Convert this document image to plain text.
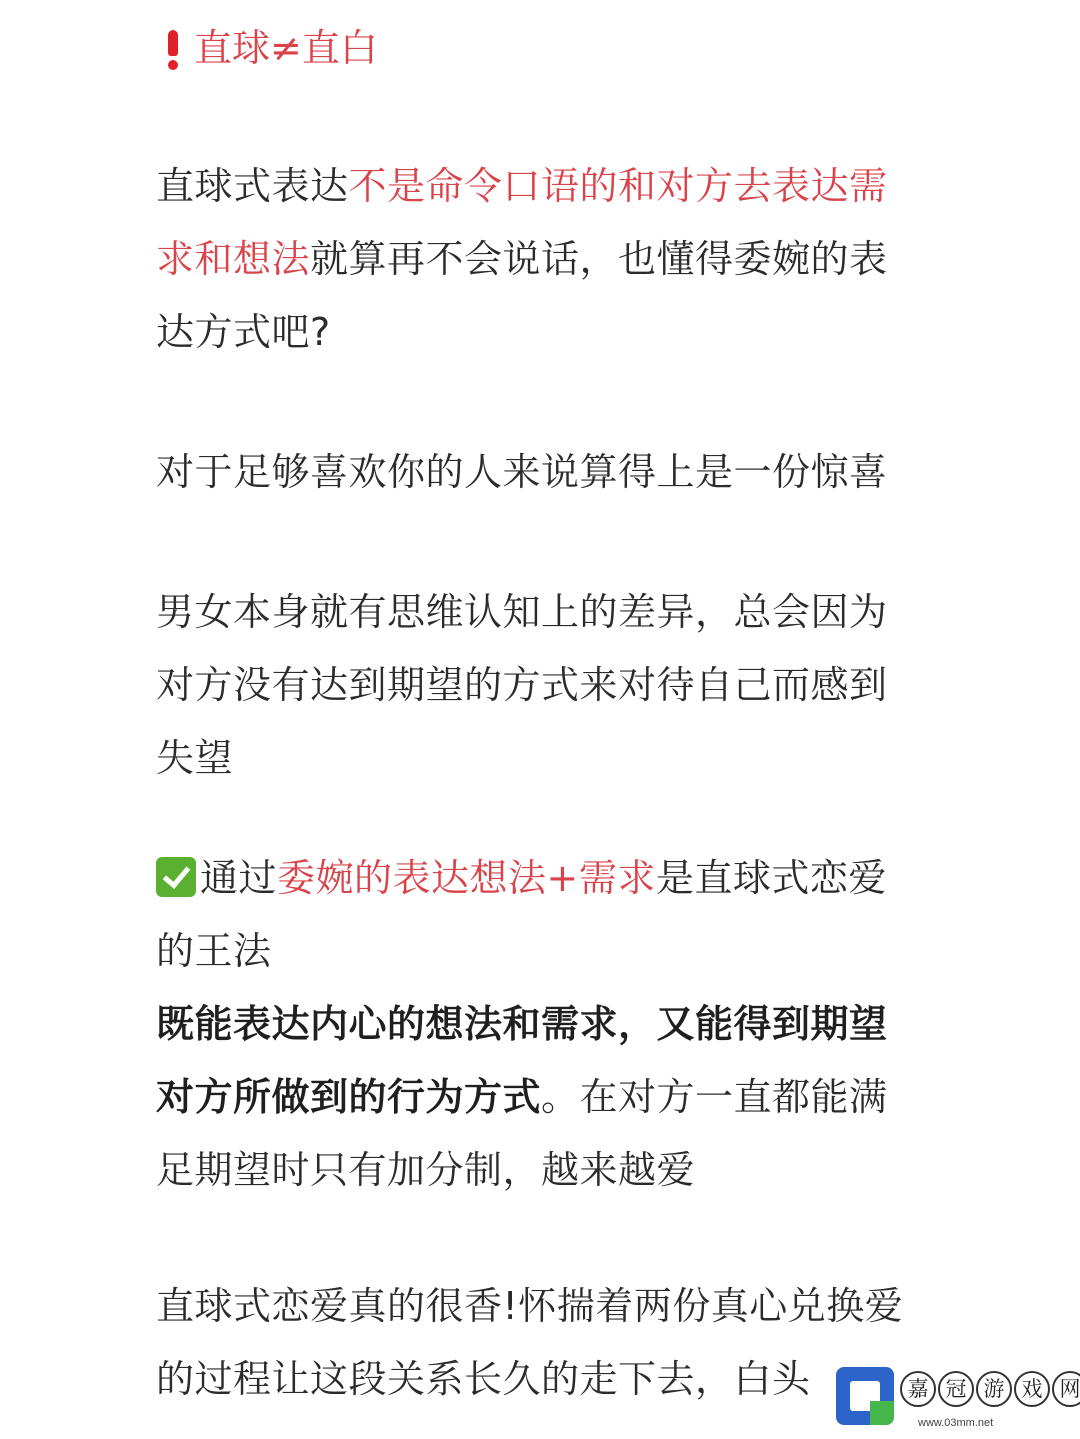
直球≠直白
直球式表达不是命令口语的和对方去表达需
求和想法就算再不会说话，也懂得委婉的表
达方式吧?
对于足够喜欢你的人来说算得上是一份惊喜
男女本身就有思维认知上的差异，总会因为
对方没有达到期望的方式来对待自己而感到
失望
通过委婉的表达想法+需求是直球式恋爱
的王法
既能表达内心的想法和需求，又能得到期望
对方所做到的行为方式。在对方一直都能满
足期望时只有加分制，越来越爱
直球式恋爱真的很香!怀揣着两份真心兑换爱
的过程让这段关系长久的走下去，白头	嘉 冠 游 戏 网
www.03mm.net
